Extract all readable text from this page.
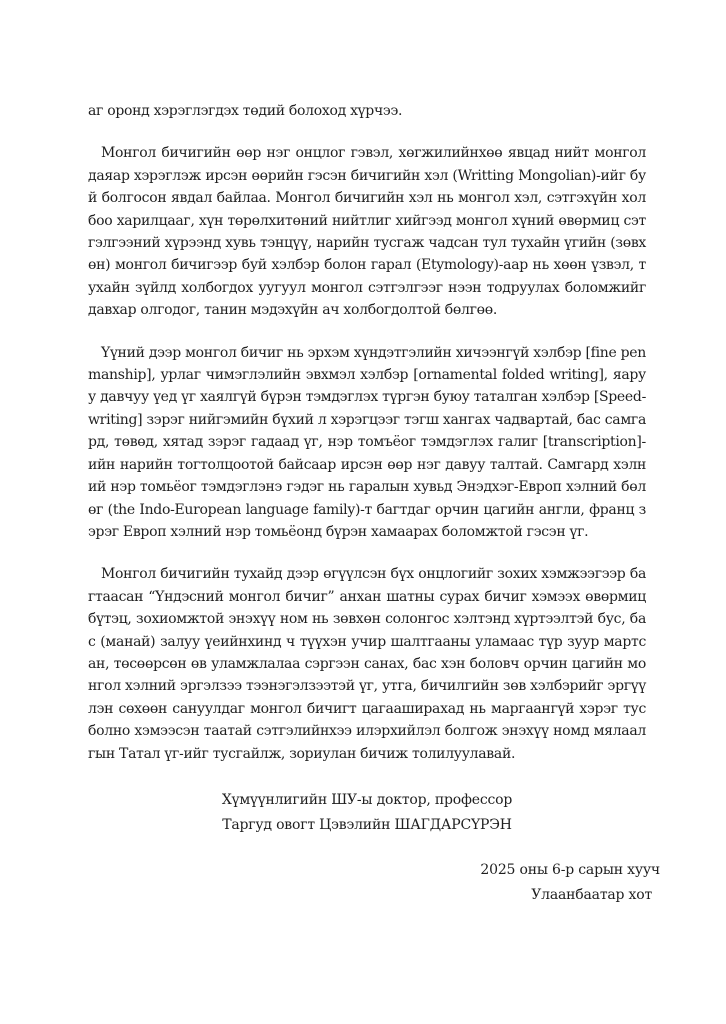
аг оронд хэрэглэгдэх төдий болоход хүрчээ.

Монгол бичигийн өөр нэг онцлог гэвэл, хөгжилийнхөө явцад нийт монгол даяар хэрэглэж ирсэн өөрийн гэсэн бичигийн хэл (Writting Mongolian)-ийг буй болгосон явдал байлаа. Монгол бичигийн хэл нь монгол хэл, сэтгэхүйн холбоо харилцааг, хүн төрөлхитөний нийтлиг хийгээд монгол хүний өвөрмиц сэтгэлгээний хүрээнд хувь тэнцүү, нарийн тусгаж чадсан тул тухайн үгийн (зөвхөн) монгол бичигээр буй хэлбэр болон гарал (Etymology)-аар нь хөөн үзвэл, тухайн зүйлд холбогдох уугуул монгол сэтгэлгээг нээн тодруулах боломжийг давхар олгодог, танин мэдэхүйн ач холбогдолтой бөлгөө.

Үүний дээр монгол бичиг нь эрхэм хүндэтгэлийн хичээнгүй хэлбэр [fine penmanship], урлаг чимэглэлийн эвхмэл хэлбэр [ornamental folded writing], яаруу давчуу үед үг хаялгүй бүрэн тэмдэглэх түргэн буюу таталган хэлбэр [Speed-writing] зэрэг нийгэмийн бүхий л хэрэгцээг тэгш хангах чадвартай, бас самгард, төвөд, хятад зэрэг гадаад үг, нэр томъёог тэмдэглэх галиг [transcription]-ийн нарийн тогтолцоотой байсаар ирсэн өөр нэг давуу талтай. Самгард хэлний нэр томьёог тэмдэглэнэ гэдэг нь гаралын хувьд Энэдхэг-Европ хэлний бөлөг (the Indo-European language family)-т багтдаг орчин цагийн англи, франц зэрэг Европ хэлний нэр томьёонд бүрэн хамаарах боломжтой гэсэн үг.

Монгол бичигийн тухайд дээр өгүүлсэн бүх онцлогийг зохих хэмжээгээр багтаасан “Үндэсний монгол бичиг” анхан шатны сурах бичиг хэмээх өвөрмиц бүтэц, зохиомжтой энэхүү ном нь зөвхөн солонгос хэлтэнд хүртээлтэй бус, бас (манай) залуу үеийнхинд ч түүхэн учир шалтгааны уламаас түр зуур мартсан, төсөөрсөн өв уламжлалаа сэргээн санах, бас хэн боловч орчин цагийн монгол хэлний эргэлзээ тээнэгэлзээтэй үг, утга, бичилгийн зөв хэлбэрийг эргүүлэн сөхөөн сануулдаг монгол бичигт цагааширахад нь маргаангүй хэрэг тус болно хэмээсэн таатай сэтгэлийнхээ илэрхийлэл болгож энэхүү номд мялаалгын Татал үг-ийг тусгайлж, зориулан бичиж толилуулавай.

Хүмүүнлигийн ШУ-ы доктор, профессор
Таргуд овогт Цэвэлийн ШАГДАРСҮРЭН
2025 оны 6-р сарын хууч
Улаанбаатар хот
